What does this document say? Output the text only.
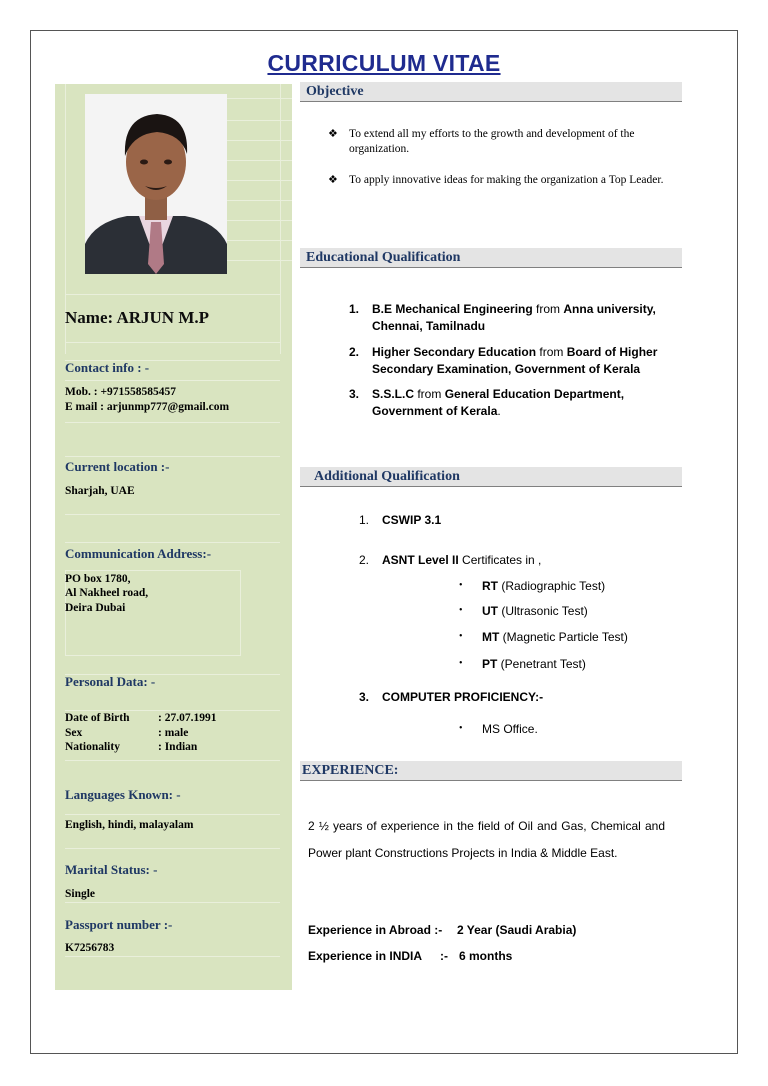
CURRICULUM VITAE
Name: ARJUN M.P
Contact info : -
Mob. : +971558585457
E mail : arjunmp777@gmail.com
Current location :-
Sharjah, UAE
Communication Address:-
PO box 1780,
Al Nakheel road,
Deira Dubai
Personal Data: -
Date of Birth : 27.07.1991
Sex	: male
Nationality	: Indian
Languages Known: -
English, hindi, malayalam
Marital Status: -
Single
Passport number :-
K7256783
Objective
❖ To extend all my efforts to the growth and development of the organization.
❖ To apply innovative ideas for making the organization a Top Leader.
Educational Qualification
1. B.E Mechanical Engineering from Anna university, Chennai, Tamilnadu
2. Higher Secondary Education from Board of Higher Secondary Examination, Government of Kerala
3. S.S.L.C from General Education Department, Government of Kerala.
Additional Qualification
1. CSWIP 3.1
2. ASNT Level II Certificates in ,
• RT (Radiographic Test)
• UT (Ultrasonic Test)
• MT (Magnetic Particle Test)
• PT (Penetrant Test)
3. COMPUTER PROFICIENCY:-
• MS Office.
EXPERIENCE:
2 ½ years of experience in the field of Oil and Gas, Chemical and Power plant Constructions Projects in India & Middle East.
Experience in Abroad :- 2 Year (Saudi Arabia)
Experience in INDIA :- 6 months
